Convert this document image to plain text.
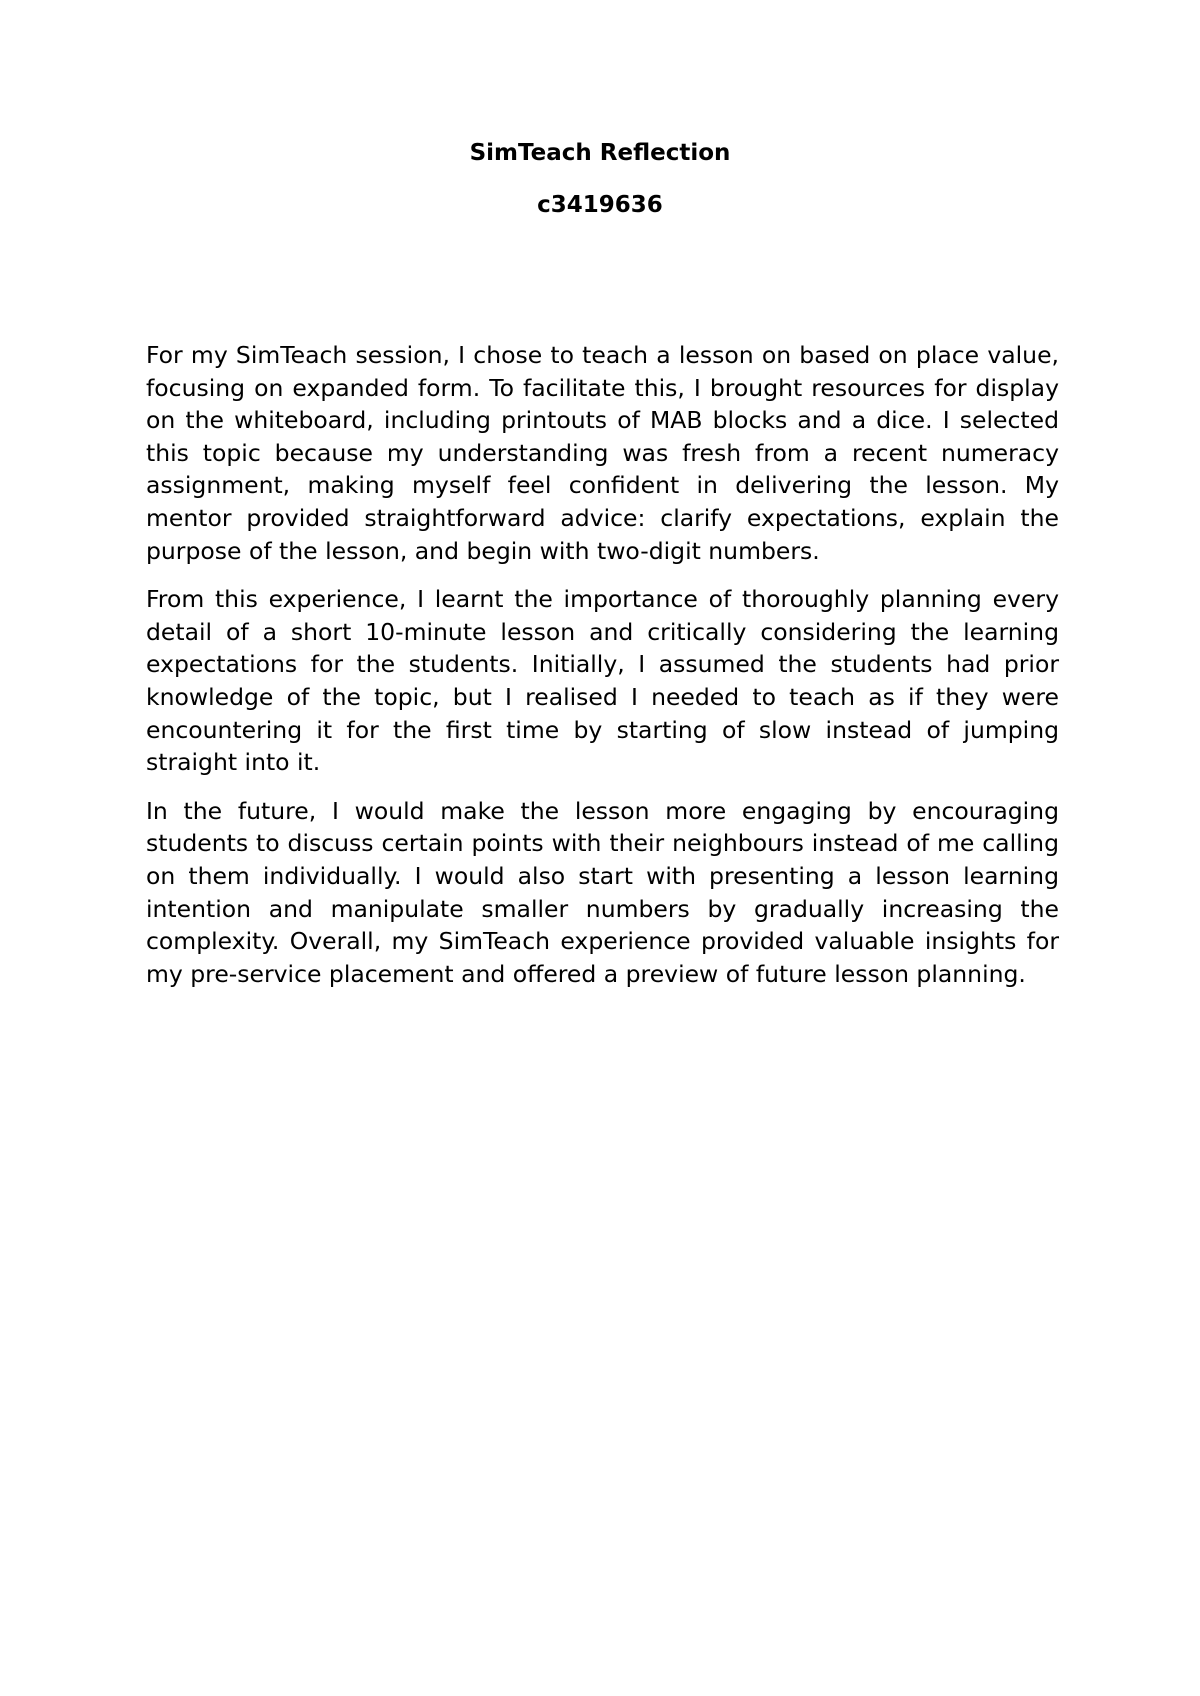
SimTeach Reflection

c3419636

For my SimTeach session, I chose to teach a lesson on based on place value, focusing on expanded form. To facilitate this, I brought resources for display on the whiteboard, including printouts of MAB blocks and a dice. I selected this topic because my understanding was fresh from a recent numeracy assignment, making myself feel confident in delivering the lesson. My mentor provided straightforward advice: clarify expectations, explain the purpose of the lesson, and begin with two-digit numbers.

From this experience, I learnt the importance of thoroughly planning every detail of a short 10-minute lesson and critically considering the learning expectations for the students. Initially, I assumed the students had prior knowledge of the topic, but I realised I needed to teach as if they were encountering it for the first time by starting of slow instead of jumping straight into it.

In the future, I would make the lesson more engaging by encouraging students to discuss certain points with their neighbours instead of me calling on them individually. I would also start with presenting a lesson learning intention and manipulate smaller numbers by gradually increasing the complexity. Overall, my SimTeach experience provided valuable insights for my pre-service placement and offered a preview of future lesson planning.
